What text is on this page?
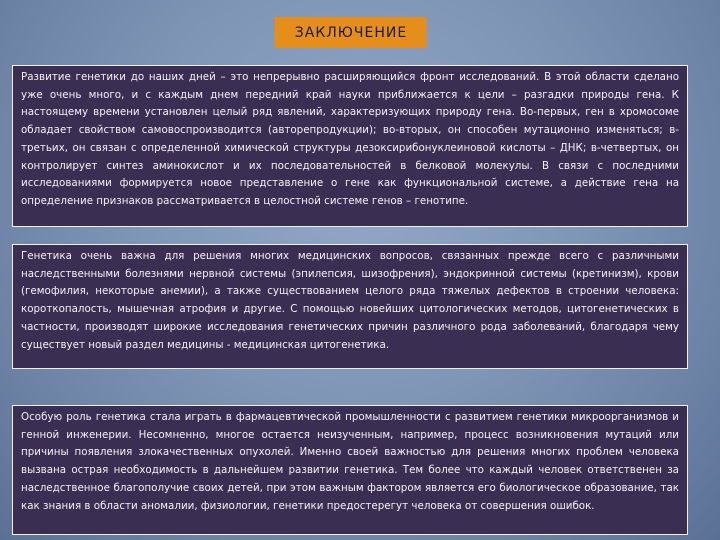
ЗАКЛЮЧЕНИЕ
Развитие генетики до наших дней – это непрерывно расширяющийся фронт исследований. В этой области сделано уже очень много, и с каждым днем передний край науки приближается к цели – разгадки природы гена. К настоящему времени установлен целый ряд явлений, характеризующих природу гена. Во-первых, ген в хромосоме обладает свойством самовоспроизводится (авторепродукции); во-вторых, он способен мутационно изменяться; в-третьих, он связан с определенной химической структуры дезоксирибонуклеиновой кислоты – ДНК; в-четвертых, он контролирует синтез аминокислот и их последовательностей в белковой молекулы. В связи с последними исследованиями формируется новое представление о гене как функциональной системе, а действие гена на определение признаков рассматривается в целостной системе генов – генотипе.
Генетика очень важна для решения многих медицинских вопросов, связанных прежде всего с различными наследственными болезнями нервной системы (эпилепсия, шизофрения), эндокринной системы (кретинизм), крови (гемофилия, некоторые анемии), а также существованием целого ряда тяжелых дефектов в строении человека: короткопалость, мышечная атрофия и другие. С помощью новейших цитологических методов, цитогенетических в частности, производят широкие исследования генетических причин различного рода заболеваний, благодаря чему существует новый раздел медицины - медицинская цитогенетика.
Особую роль генетика стала играть в фармацевтической промышленности с развитием генетики микроорганизмов и генной инженерии. Несомненно, многое остается неизученным, например, процесс возникновения мутаций или причины появления злокачественных опухолей. Именно своей важностью для решения многих проблем человека вызвана острая необходимость в дальнейшем развитии генетика. Тем более что каждый человек ответственен за наследственное благополучие своих детей, при этом важным фактором является его биологическое образование, так как знания в области аномалии, физиологии, генетики предостерегут человека от совершения ошибок.
